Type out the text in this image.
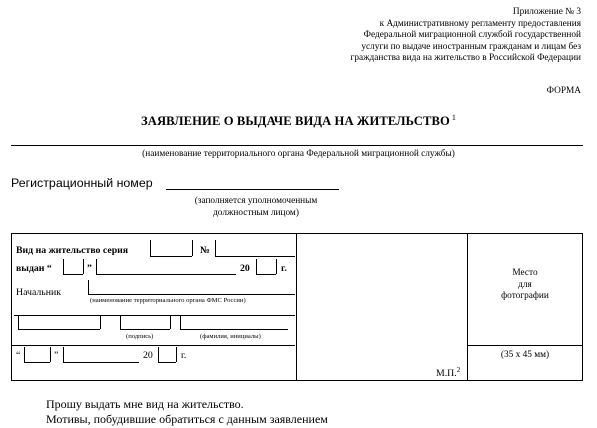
Приложение № 3
к Административному регламенту предоставления
Федеральной миграционной службой государственной
услуги по выдаче иностранным гражданам и лицам без
гражданства вида на жительство в Российской Федерации
ФОРМА
ЗАЯВЛЕНИЕ О ВЫДАЧЕ ВИДА НА ЖИТЕЛЬСТВО $^1$
(наименование территориального органа Федеральной миграционной службы)
Регистрационный номер
(заполняется уполномоченным
должностным лицом)
Вид на жительство серия	№
выдан “	”	20	г.
Начальник
(наименование территориального органа ФМС России)
(подпись)	(фамилия, инициалы)
“	”	20	г.
М.П.$^2$
Место
для
фотографии
(35 х 45 мм)
Прошу выдать мне вид на жительство.
Мотивы, побудившие обратиться с данным заявлением
